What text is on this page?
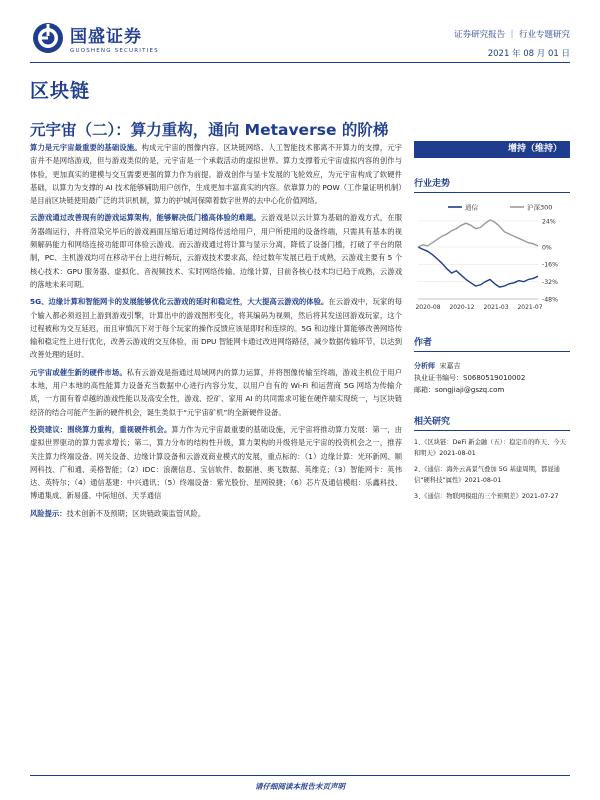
国盛证券
GUOSHENG SECURITIES
证券研究报告 ｜ 行业专题研究
2021 年 08 月 01 日
区块链
元宇宙（二）：算力重构，通向 Metaverse 的阶梯

算力是元宇宙最重要的基础设施。构成元宇宙的图像内容、区块链网络、人工智能技术都离不开算力的支撑，元宇宙并不是网络游戏，但与游戏类似的是，元宇宙是一个承载活动的虚拟世界。算力支撑着元宇宙虚拟内容的创作与体验，更加真实的建模与交互需要更强的算力作为前提。游戏创作与显卡发展的飞轮效应，为元宇宙构成了软硬件基础，以算力为支撑的 AI 技术能够辅助用户创作，生成更加丰富真实的内容。依靠算力的 POW（工作量证明机制）是目前区块链使用最广泛的共识机制，算力的护城河保障着数字世界的去中心化价值网络。

云游戏通过改善现有的游戏运算架构，能够解决低门槛高体验的难题。云游戏是以云计算为基础的游戏方式，在服务器端运行，并将渲染完毕后的游戏画面压缩后通过网络传送给用户，用户所使用的设备终端，只需具有基本的视频解码能力和网络连接功能即可体验云游戏。而云游戏通过将计算与显示分离，降低了设备门槛，打破了平台的限制，PC、主机游戏均可在移动平台上进行畅玩，云游戏技术要求高，经过数年发展已趋于成熟，云游戏主要有 5 个核心技术：GPU 服务器、虚拟化、音视频技术、实时网络传输、边缘计算，目前各核心技术均已趋于成熟，云游戏的落地未来可期。

5G、边缘计算和智能网卡的发展能够优化云游戏的延时和稳定性，大大提高云游戏的体验。在云游戏中，玩家的每个输入都必须返回上游到游戏引擎，计算出中的游戏图形变化，将其编码为视频，然后将其发送回游戏玩家，这个过程被称为交互延迟，而且审慎沉下对于每个玩家的操作反馈应该是即时和连续的。5G 和边缘计算能够改善网络传输和稳定性上进行优化，改善云游戏的交互体验，而 DPU 智能网卡通过改进网络路径，减少数据传输环节，以达到改善处理的延时。

元宇宙或催生新的硬件市场。私有云游戏是指通过局域网内的算力运算，并将图像传输至终端，游戏主机位于用户本地，用户本地的高性能算力设备充当数据中心进行内容分发，以用户自有的 Wi-Fi 和运营商 5G 网络为传输介质，一方面有着卓越的游戏性能以及高安全性，游戏、挖矿、家用 AI 的共同需求可能在硬件端实现统一，与区块链经济的结合可能产生新的硬件机会，诞生类似于“元宇宙矿机”的全新硬件设备。

投资建议：围绕算力重构，重视硬件机会。算力作为元宇宙最重要的基础设施，元宇宙将推动算力发展：第一，由虚拟世界驱动的算力需求增长；第二，算力分布的结构性升级，算力架构的升级将是元宇宙的投资机会之一，推荐关注算力终端设备、网关设备、边缘计算设备和云游戏商业模式的发展，重点标的：（1）边缘计算：光环新网、顺网科技、广和通、美格智能；（2）IDC：浪潮信息、宝信软件、数据港、奥飞数据、英维克；（3）智能网卡：英伟达、英特尔；（4）通信基建：中兴通讯；（5）终端设备：紫光股份、星网锐捷；（6）芯片及通信模组：乐鑫科技、博通集成、新易盛、中际旭创、天孚通信

风险提示：技术创新不及预期；区块链政策监管风险。

增持（维持）
行业走势
通信	沪深300
24%
0%
-16%
-32%
-48%
2020-08 2020-12 2021-03 2021-07
作者
分析师 宋嘉吉
执业证书编号：S0680519010002
邮箱：songjiaji@gszq.com
相关研究
1、《区块链：DeFi 新金融（五）：稳定币的昨天、今天和明天》2021-08-01
2、《通信：海外云高景气叠加 5G 基建周期，都显通信“硬科技”属性》2021-08-01
3、《通信：物联网模组的三个预期差》2021-07-27
请仔细阅读本报告末页声明
